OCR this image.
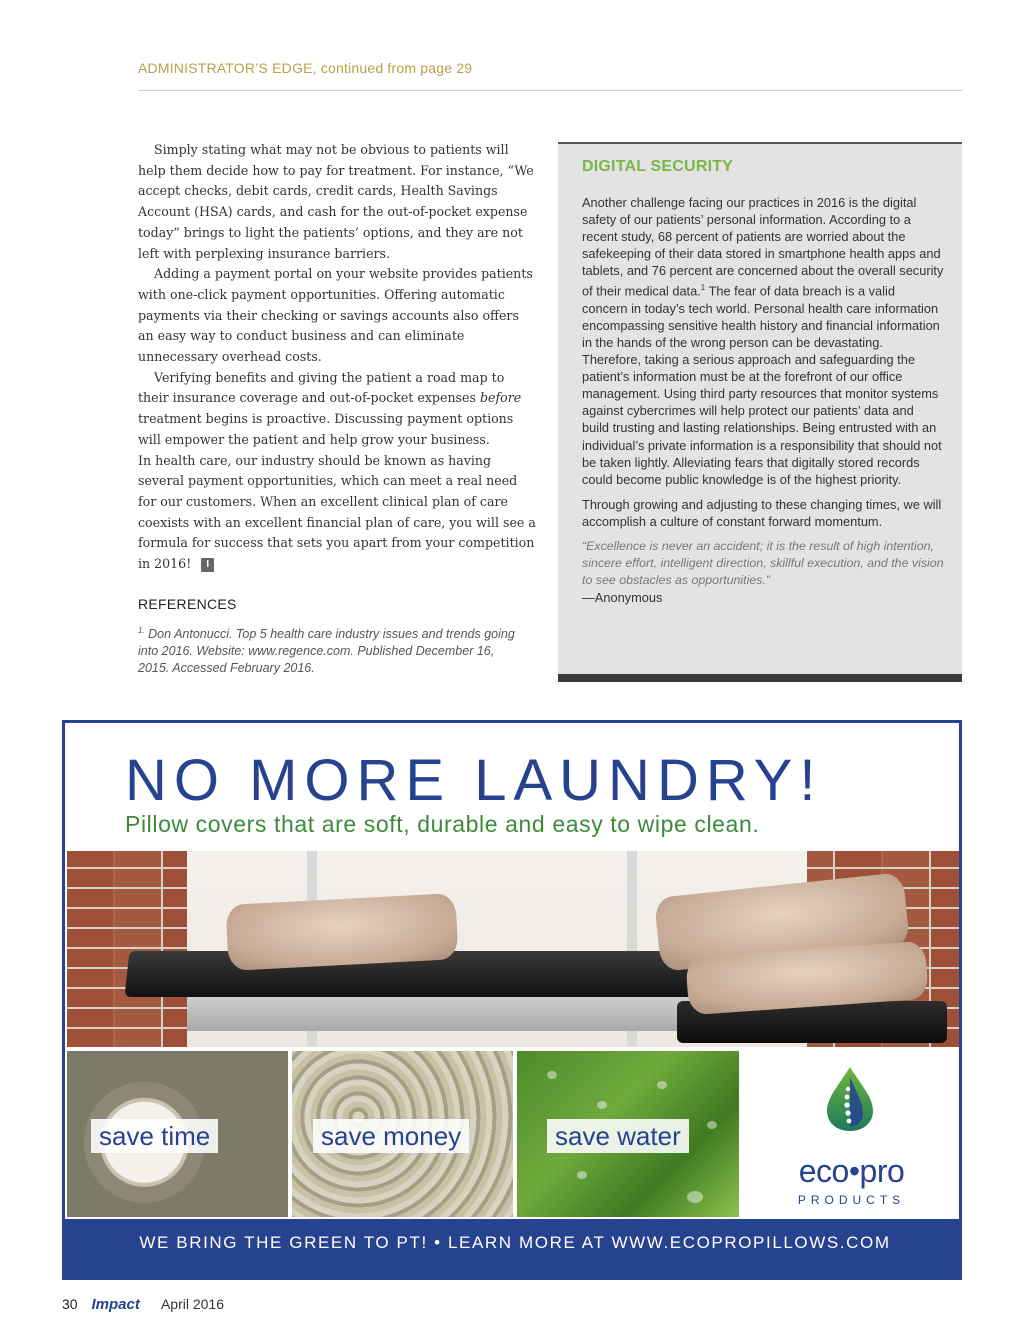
ADMINISTRATOR’S EDGE, continued from page 29

Simply stating what may not be obvious to patients will help them decide how to pay for treatment. For instance, “We accept checks, debit cards, credit cards, Health Savings Account (HSA) cards, and cash for the out-of-pocket expense today” brings to light the patients’ options, and they are not left with perplexing insurance barriers.

Adding a payment portal on your website provides patients with one-click payment opportunities. Offering automatic payments via their checking or savings accounts also offers an easy way to conduct business and can eliminate unnecessary overhead costs.

Verifying benefits and giving the patient a road map to their insurance coverage and out-of-pocket expenses before treatment begins is proactive. Discussing payment options will empower the patient and help grow your business.

In health care, our industry should be known as having several payment opportunities, which can meet a real need for our customers. When an excellent clinical plan of care coexists with an excellent financial plan of care, you will see a formula for success that sets you apart from your competition in 2016! I

REFERENCES
$^{1.}$ Don Antonucci. Top 5 health care industry issues and trends going into 2016. Website: www.regence.com. Published December 16, 2015. Accessed February 2016.
DIGITAL SECURITY
Another challenge facing our practices in 2016 is the digital safety of our patients’ personal information. According to a recent study, 68 percent of patients are worried about the safekeeping of their data stored in smartphone health apps and tablets, and 76 percent are concerned about the overall security of their medical data.$^1$ The fear of data breach is a valid concern in today’s tech world. Personal health care information encompassing sensitive health history and financial information in the hands of the wrong person can be devastating. Therefore, taking a serious approach and safeguarding the patient’s information must be at the forefront of our office management. Using third party resources that monitor systems against cybercrimes will help protect our patients’ data and build trusting and lasting relationships. Being entrusted with an individual’s private information is a responsibility that should not be taken lightly. Alleviating fears that digitally stored records could become public knowledge is of the highest priority.
Through growing and adjusting to these changing times, we will accomplish a culture of constant forward momentum.
“Excellence is never an accident; it is the result of high intention, sincere effort, intelligent direction, skillful execution, and the vision to see obstacles as opportunities.”
—Anonymous
NO MORE LAUNDRY!
Pillow covers that are soft, durable and easy to wipe clean.
save time	save money	save water
eco•pro
PRODUCTS
WE BRING THE GREEN TO PT! • LEARN MORE AT WWW.ECOPROPILLOWS.COM
30 Impact April 2016
